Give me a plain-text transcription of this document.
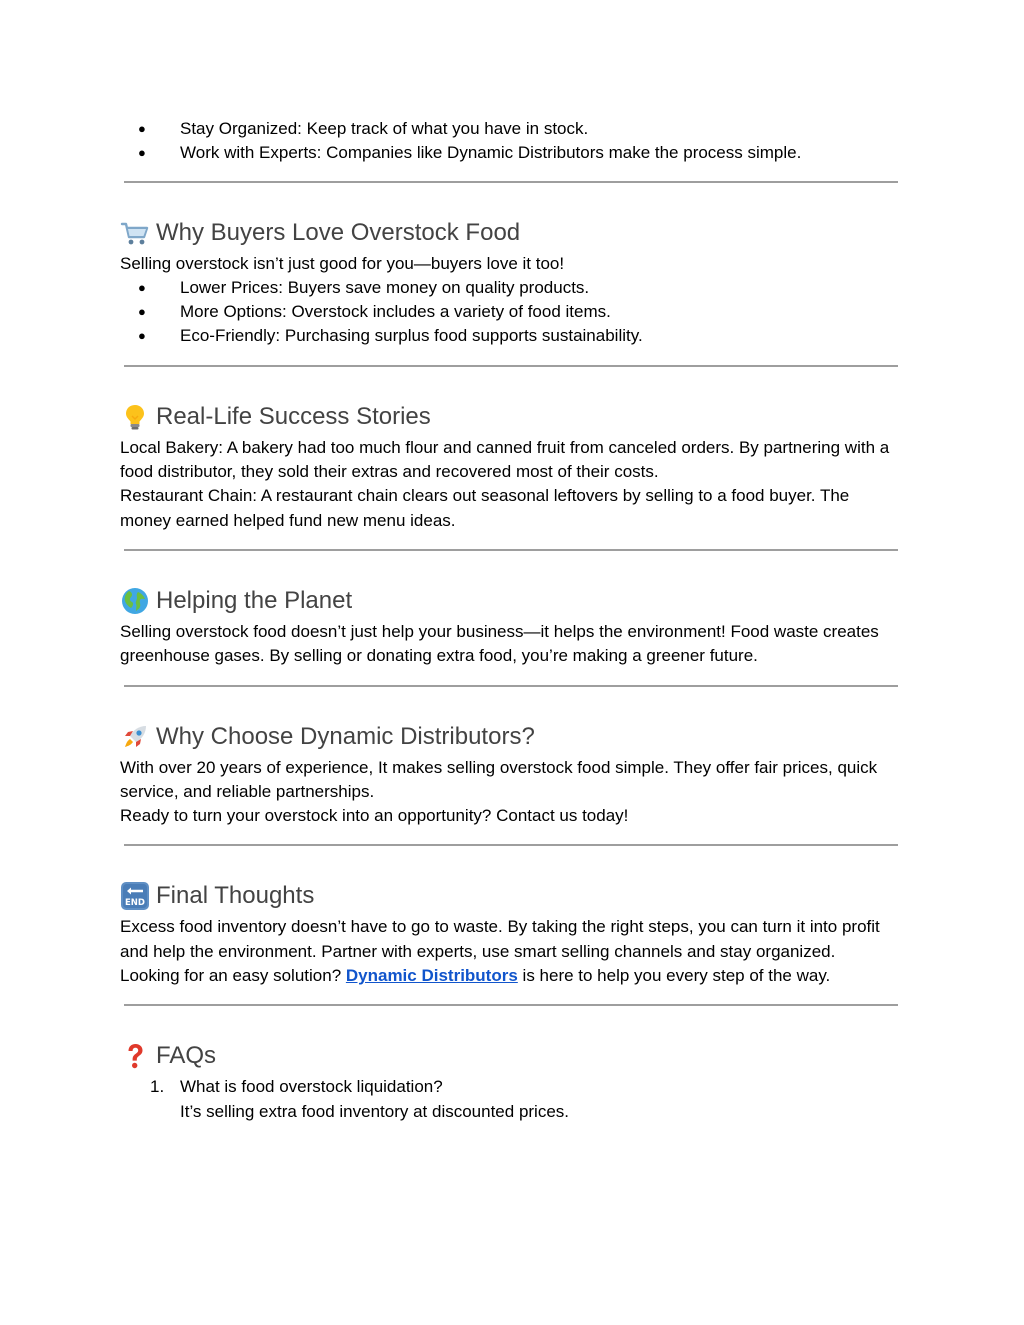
● Stay Organized: Keep track of what you have in stock.
● Work with Experts: Companies like Dynamic Distributors make the process simple.
Why Buyers Love Overstock Food

Selling overstock isn’t just good for you—buyers love it too!

● Lower Prices: Buyers save money on quality products.
● More Options: Overstock includes a variety of food items.
● Eco-Friendly: Purchasing surplus food supports sustainability.
Real-Life Success Stories

Local Bakery: A bakery had too much flour and canned fruit from canceled orders. By partnering with a food distributor, they sold their extras and recovered most of their costs.

Restaurant Chain: A restaurant chain clears out seasonal leftovers by selling to a food buyer. The money earned helped fund new menu ideas.

Helping the Planet

Selling overstock food doesn’t just help your business—it helps the environment! Food waste creates greenhouse gases. By selling or donating extra food, you’re making a greener future.

Why Choose Dynamic Distributors?

With over 20 years of experience, It makes selling overstock food simple. They offer fair prices, quick service, and reliable partnerships.

Ready to turn your overstock into an opportunity? Contact us today!

END Final Thoughts

Excess food inventory doesn’t have to go to waste. By taking the right steps, you can turn it into profit and help the environment. Partner with experts, use smart selling channels and stay organized.

Looking for an easy solution? Dynamic Distributors is here to help you every step of the way.

FAQs
1. What is food overstock liquidation?
It’s selling extra food inventory at discounted prices.
